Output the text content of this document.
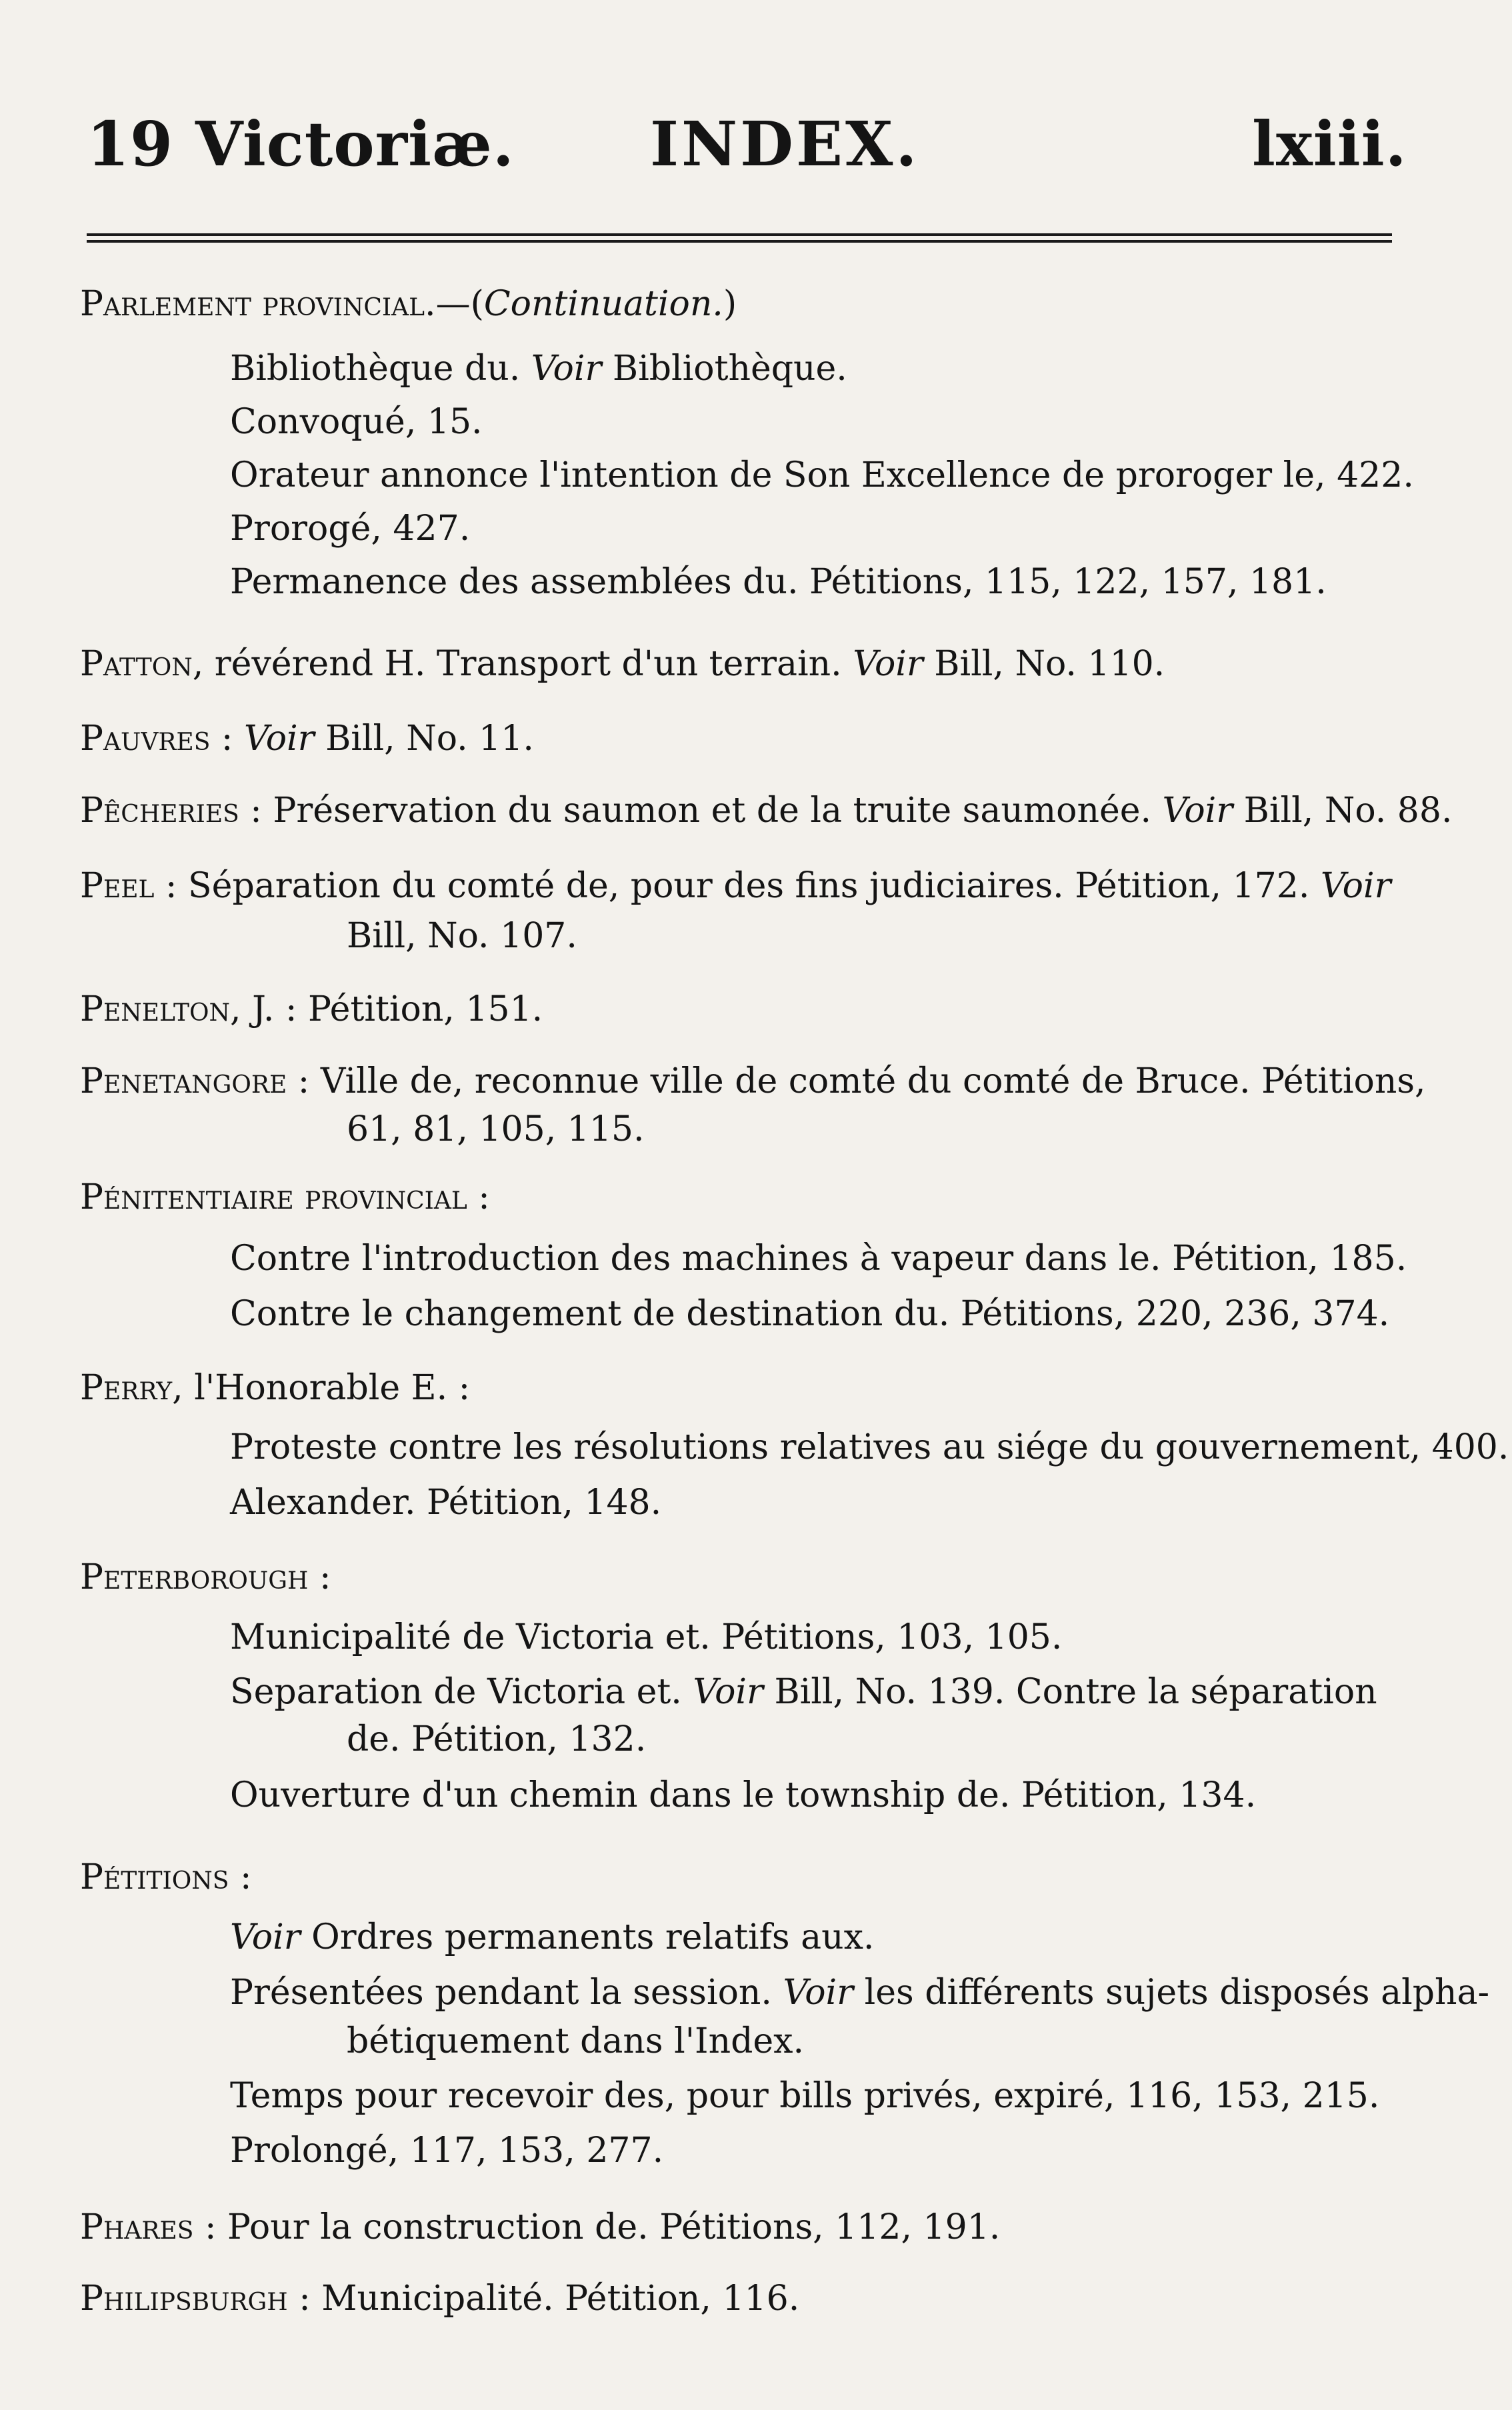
19 Victoriæ. INDEX.	lxiii.
Parlement provincial.—(Continuation.)
Bibliothèque du. Voir Bibliothèque.
Convoqué, 15.
Orateur annonce l'intention de Son Excellence de proroger le, 422.
Prorogé, 427.
Permanence des assemblées du. Pétitions, 115, 122, 157, 181.
Patton, révérend H. Transport d'un terrain. Voir Bill, No. 110.
Pauvres : Voir Bill, No. 11.
Pêcheries : Préservation du saumon et de la truite saumonée. Voir Bill, No. 88.
Peel : Séparation du comté de, pour des fins judiciaires. Pétition, 172. Voir
Bill, No. 107.
Penelton, J. : Pétition, 151.
Penetangore : Ville de, reconnue ville de comté du comté de Bruce. Pétitions,
61, 81, 105, 115.
Pénitentiaire provincial :
Contre l'introduction des machines à vapeur dans le. Pétition, 185.
Contre le changement de destination du. Pétitions, 220, 236, 374.
Perry, l'Honorable E. :
Proteste contre les résolutions relatives au siége du gouvernement, 400.
Alexander. Pétition, 148.
Peterborough :
Municipalité de Victoria et. Pétitions, 103, 105.
Separation de Victoria et. Voir Bill, No. 139. Contre la séparation
de. Pétition, 132.
Ouverture d'un chemin dans le township de. Pétition, 134.
Pétitions :
Voir Ordres permanents relatifs aux.
Présentées pendant la session. Voir les différents sujets disposés alpha-
bétiquement dans l'Index.
Temps pour recevoir des, pour bills privés, expiré, 116, 153, 215.
Prolongé, 117, 153, 277.
Phares : Pour la construction de. Pétitions, 112, 191.
Philipsburgh : Municipalité. Pétition, 116.
